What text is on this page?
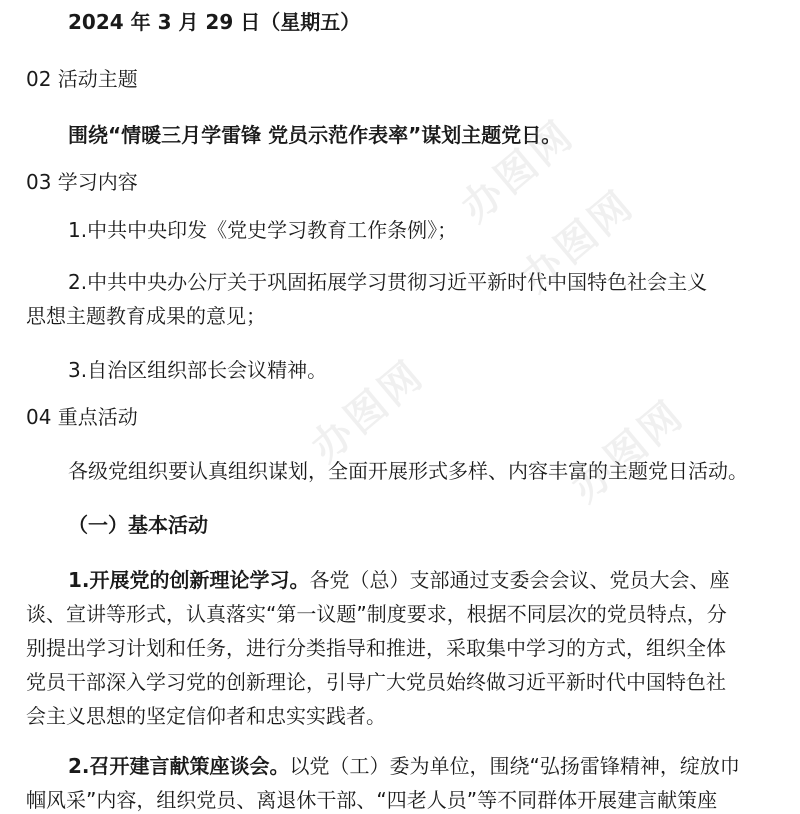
2024 年 3 月 29 日（星期五）
02 活动主题
围绕“情暖三月学雷锋 党员示范作表率”谋划主题党日。
03 学习内容
1.中共中央印发《党史学习教育工作条例》；
2.中共中央办公厅关于巩固拓展学习贯彻习近平新时代中国特色社会主义
思想主题教育成果的意见；
3.自治区组织部长会议精神。
04 重点活动
各级党组织要认真组织谋划，全面开展形式多样、内容丰富的主题党日活动。
（一）基本活动
1.开展党的创新理论学习。各党（总）支部通过支委会会议、党员大会、座
谈、宣讲等形式，认真落实“第一议题”制度要求，根据不同层次的党员特点，分
别提出学习计划和任务，进行分类指导和推进，采取集中学习的方式，组织全体
党员干部深入学习党的创新理论，引导广大党员始终做习近平新时代中国特色社
会主义思想的坚定信仰者和忠实实践者。
2.召开建言献策座谈会。以党（工）委为单位，围绕“弘扬雷锋精神，绽放巾
帼风采”内容，组织党员、离退休干部、“四老人员”等不同群体开展建言献策座
办图网
办图网
办图网	办图网
